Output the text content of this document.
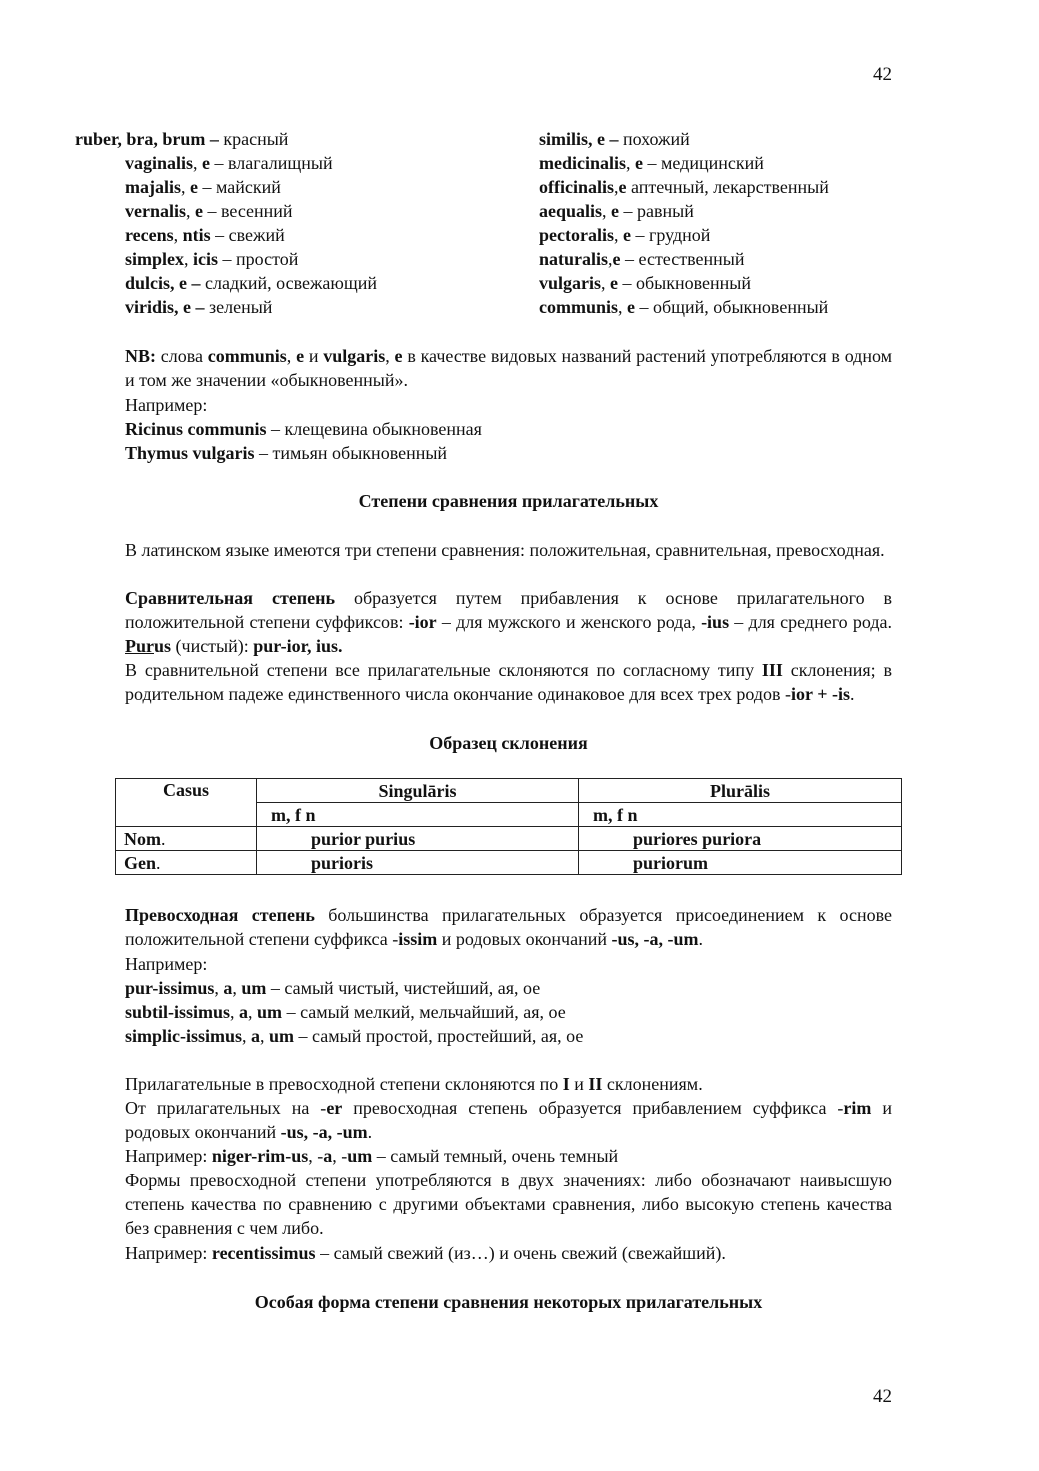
42
ruber, bra, brum – красный
vaginalis, e – влагалищный
majalis, e – майский
vernalis, e – весенний
recens, ntis – свежий
simplex, icis – простой
dulcis, e – сладкий, освежающий
viridis, e – зеленый
similis, e – похожий
medicinalis, e – медицинский
officinalis,e аптечный, лекарственный
aequalis, e – равный
pectoralis, e – грудной
naturalis,e – естественный
vulgaris, e – обыкновенный
communis, e – общий, обыкновенный

NB: слова communis, e и vulgaris, e в качестве видовых названий растений употребляются в одном и том же значении «обыкновенный».

Например:
Ricinus communis – клещевина обыкновенная
Thymus vulgaris – тимьян обыкновенный
Степени сравнения прилагательных

В латинском языке имеются три степени сравнения: положительная, сравнительная, превосходная.

Сравнительная степень образуется путем прибавления к основе прилагательного в положительной степени суффиксов: -ior – для мужского и женского рода, -ius – для среднего рода. Purus (чистый): pur-ior, ius.

В сравнительной степени все прилагательные склоняются по согласному типу III склонения; в родительном падеже единственного числа окончание одинаковое для всех трех родов -ior + -is.

Образец склонения
Casus	Singulāris	Plurālis
	m, f n	m, f n
Nom.	purior purius	puriores puriora
Gen.	purioris	puriorum

Превосходная степень большинства прилагательных образуется присоединением к основе положительной степени суффикса -issim и родовых окончаний -us, -a, -um.

Например:
pur-issimus, a, um – самый чистый, чистейший, ая, ое
subtil-issimus, a, um – самый мелкий, мельчайший, ая, ое
simplic-issimus, a, um – самый простой, простейший, ая, ое
Прилагательные в превосходной степени склоняются по I и II склонениям.

От прилагательных на -er превосходная степень образуется прибавлением суффикса -rim и родовых окончаний -us, -a, -um.

Например: niger-rim-us, -a, -um – самый темный, очень темный

Формы превосходной степени употребляются в двух значениях: либо обозначают наивысшую степень качества по сравнению с другими объектами сравнения, либо высокую степень качества без сравнения с чем либо.

Например: recentissimus – самый свежий (из…) и очень свежий (свежайший).
Особая форма степени сравнения некоторых прилагательных
42
